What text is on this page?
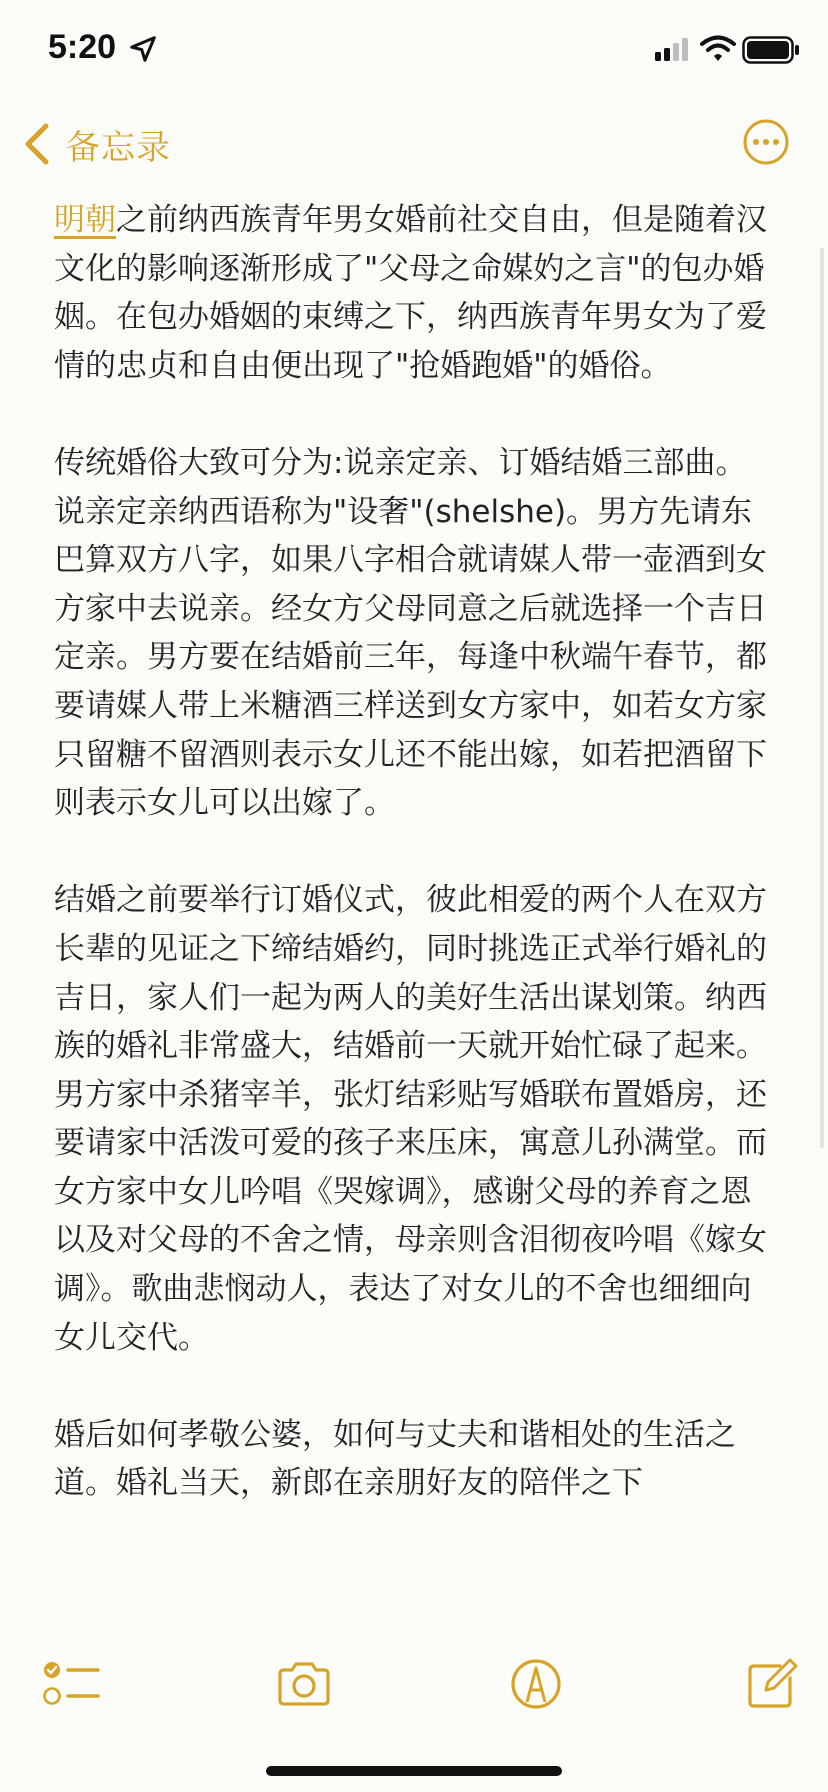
5:20
备忘录

明朝之前纳西族青年男女婚前社交自由，但是随着汉文化的影响逐渐形成了"父母之命媒妁之言"的包办婚姻。在包办婚姻的束缚之下，纳西族青年男女为了爱情的忠贞和自由便出现了"抢婚跑婚"的婚俗。

传统婚俗大致可分为:说亲定亲、订婚结婚三部曲。说亲定亲纳西语称为"设奢"(shelshe)。男方先请东巴算双方八字，如果八字相合就请媒人带一壶酒到女方家中去说亲。经女方父母同意之后就选择一个吉日定亲。男方要在结婚前三年，每逢中秋端午春节，都要请媒人带上米糖酒三样送到女方家中，如若女方家只留糖不留酒则表示女儿还不能出嫁，如若把酒留下则表示女儿可以出嫁了。

结婚之前要举行订婚仪式，彼此相爱的两个人在双方长辈的见证之下缔结婚约，同时挑选正式举行婚礼的吉日，家人们一起为两人的美好生活出谋划策。纳西族的婚礼非常盛大，结婚前一天就开始忙碌了起来。男方家中杀猪宰羊，张灯结彩贴写婚联布置婚房，还要请家中活泼可爱的孩子来压床，寓意儿孙满堂。而女方家中女儿吟唱《哭嫁调》，感谢父母的养育之恩以及对父母的不舍之情，母亲则含泪彻夜吟唱《嫁女调》。歌曲悲悯动人，表达了对女儿的不舍也细细向女儿交代。

婚后如何孝敬公婆，如何与丈夫和谐相处的生活之道。婚礼当天，新郎在亲朋好友的陪伴之下
